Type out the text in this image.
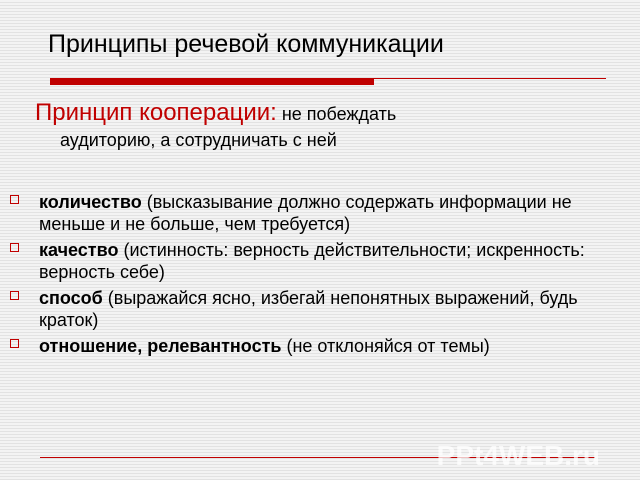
Принципы речевой коммуникации
Принцип кооперации: не побеждать
аудиторию, а сотрудничать с ней
количество (высказывание должно содержать информации не меньше и не больше, чем требуется)
качество (истинность: верность действительности; искренность: верность себе)
способ (выражайся ясно, избегай непонятных выражений, будь краток)
отношение, релевантность (не отклоняйся от темы)
PPt4WEB.ru
